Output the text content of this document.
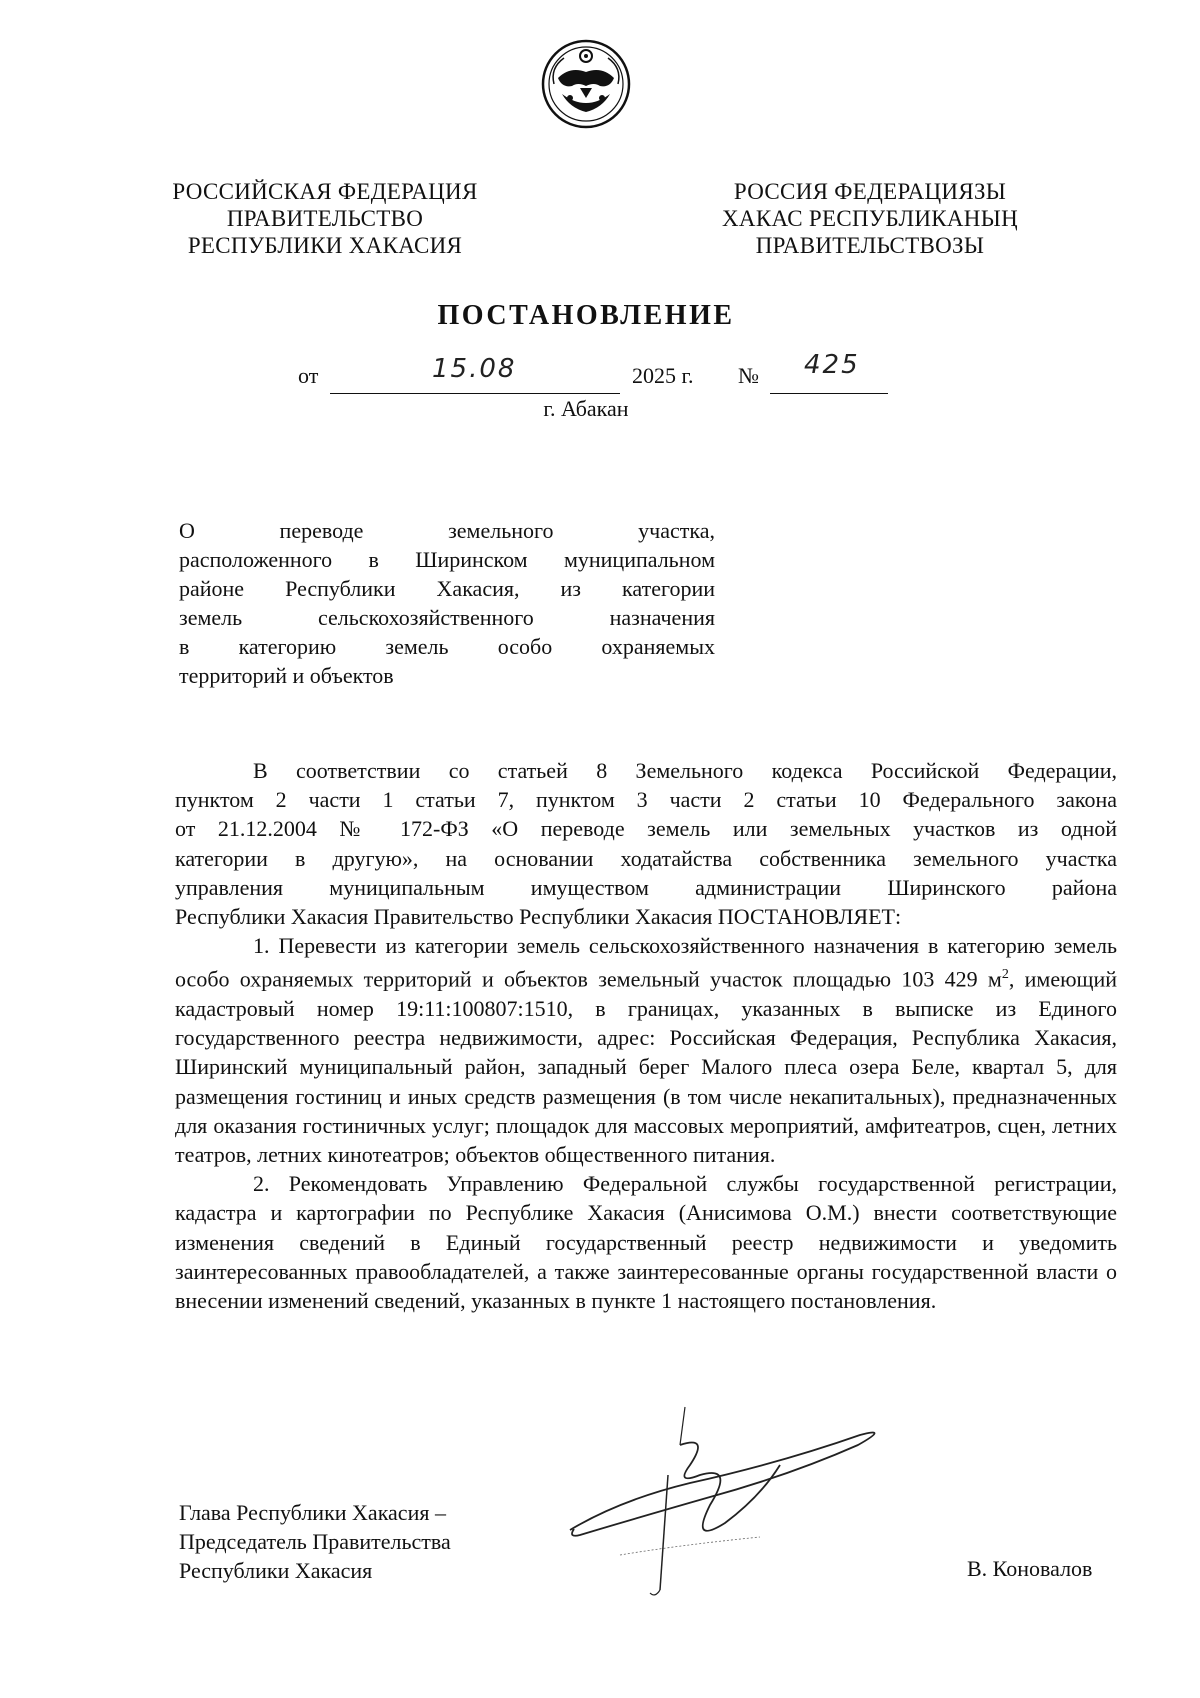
РОССИЙСКАЯ ФЕДЕРАЦИЯ
ПРАВИТЕЛЬСТВО
РЕСПУБЛИКИ ХАКАСИЯ
РОССИЯ ФЕДЕРАЦИЯЗЫ
ХАКАС РЕСПУБЛИКАНЫҢ
ПРАВИТЕЛЬСТВОЗЫ
ПОСТАНОВЛЕНИЕ
от	15.08	2025 г. № 425
г. Абакан
О переводе земельного участка,
расположенного в Ширинском муниципальном
районе Республики Хакасия, из категории
земель сельскохозяйственного назначения
в категорию земель особо охраняемых
территорий и объектов
В соответствии со статьей 8 Земельного кодекса Российской Федерации,
пунктом 2 части 1 статьи 7, пунктом 3 части 2 статьи 10 Федерального закона
от 21.12.2004 № 172-ФЗ «О переводе земель или земельных участков из одной
категории в другую», на основании ходатайства собственника земельного участка
управления муниципальным имуществом администрации Ширинского района
Республики Хакасия Правительство Республики Хакасия ПОСТАНОВЛЯЕТ:

1. Перевести из категории земель сельскохозяйственного назначения в категорию земель особо охраняемых территорий и объектов земельный участок площадью 103 429 $м^2$, имеющий кадастровый номер 19:11:100807:1510, в границах, указанных в выписке из Единого государственного реестра недвижимости, адрес: Российская Федерация, Республика Хакасия, Ширинский муниципальный район, западный берег Малого плеса озера Беле, квартал 5, для размещения гостиниц и иных средств размещения (в том числе некапитальных), предназначенных для оказания гостиничных услуг; площадок для массовых мероприятий, амфитеатров, сцен, летних театров, летних кинотеатров; объектов общественного питания.

2. Рекомендовать Управлению Федеральной службы государственной регистрации, кадастра и картографии по Республике Хакасия (Анисимова О.М.) внести соответствующие изменения сведений в Единый государственный реестр недвижимости и уведомить заинтересованных правообладателей, а также заинтересованные органы государственной власти о внесении изменений сведений, указанных в пункте 1 настоящего постановления.

Глава Республики Хакасия –
Председатель Правительства
Республики Хакасия	В. Коновалов
